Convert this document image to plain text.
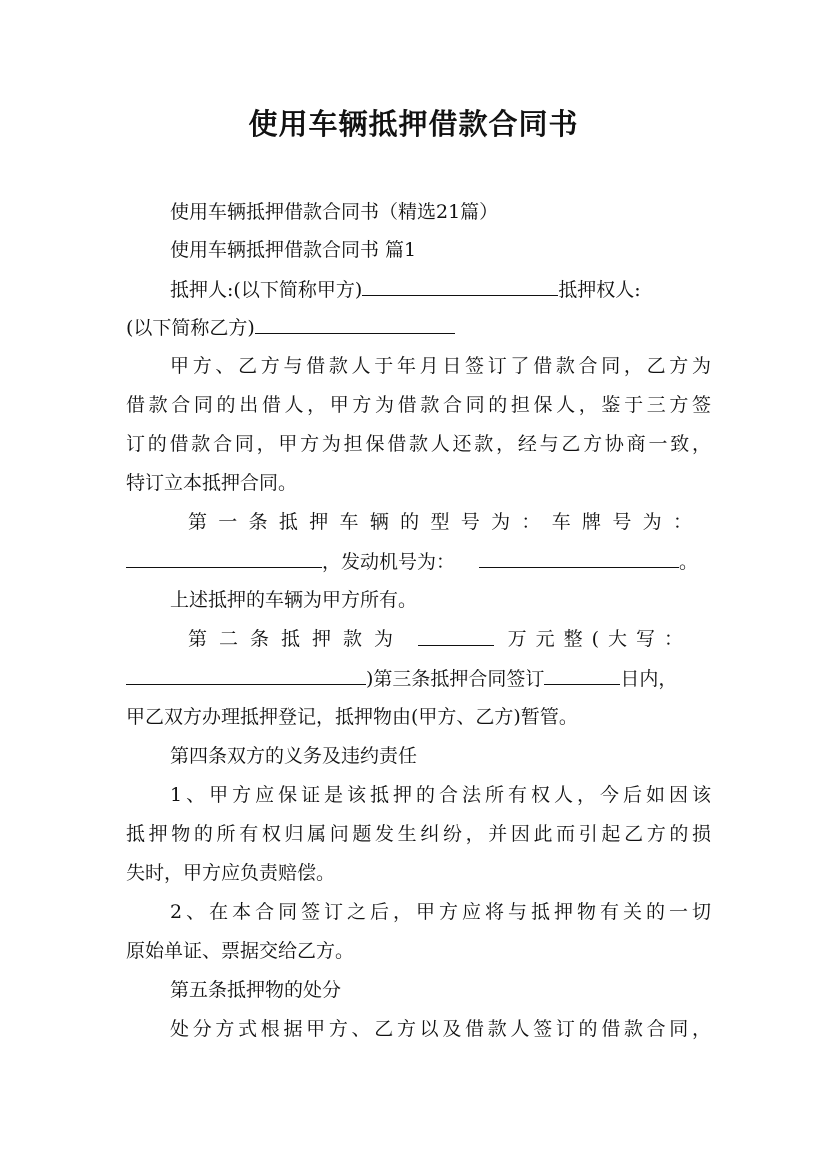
使用车辆抵押借款合同书
使用车辆抵押借款合同书（精选21篇）
使用车辆抵押借款合同书 篇1
抵押人:(以下简称甲方)	抵押权人:
(以下简称乙方)
甲方、乙方与借款人于年月日签订了借款合同，乙方为
借款合同的出借人，甲方为借款合同的担保人，鉴于三方签
订的借款合同，甲方为担保借款人还款，经与乙方协商一致，
特订立本抵押合同。
第一条抵押车辆的型号为：车牌号为：
，发动机号为：	。
上述抵押的车辆为甲方所有。
第二条抵押款为	万元整(大写：
)第三条抵押合同签订	日内，
甲乙双方办理抵押登记，抵押物由(甲方、乙方)暂管。
第四条双方的义务及违约责任
1、甲方应保证是该抵押的合法所有权人，今后如因该
抵押物的所有权归属问题发生纠纷，并因此而引起乙方的损
失时，甲方应负责赔偿。
2、在本合同签订之后，甲方应将与抵押物有关的一切
原始单证、票据交给乙方。
第五条抵押物的处分
处分方式根据甲方、乙方以及借款人签订的借款合同，
